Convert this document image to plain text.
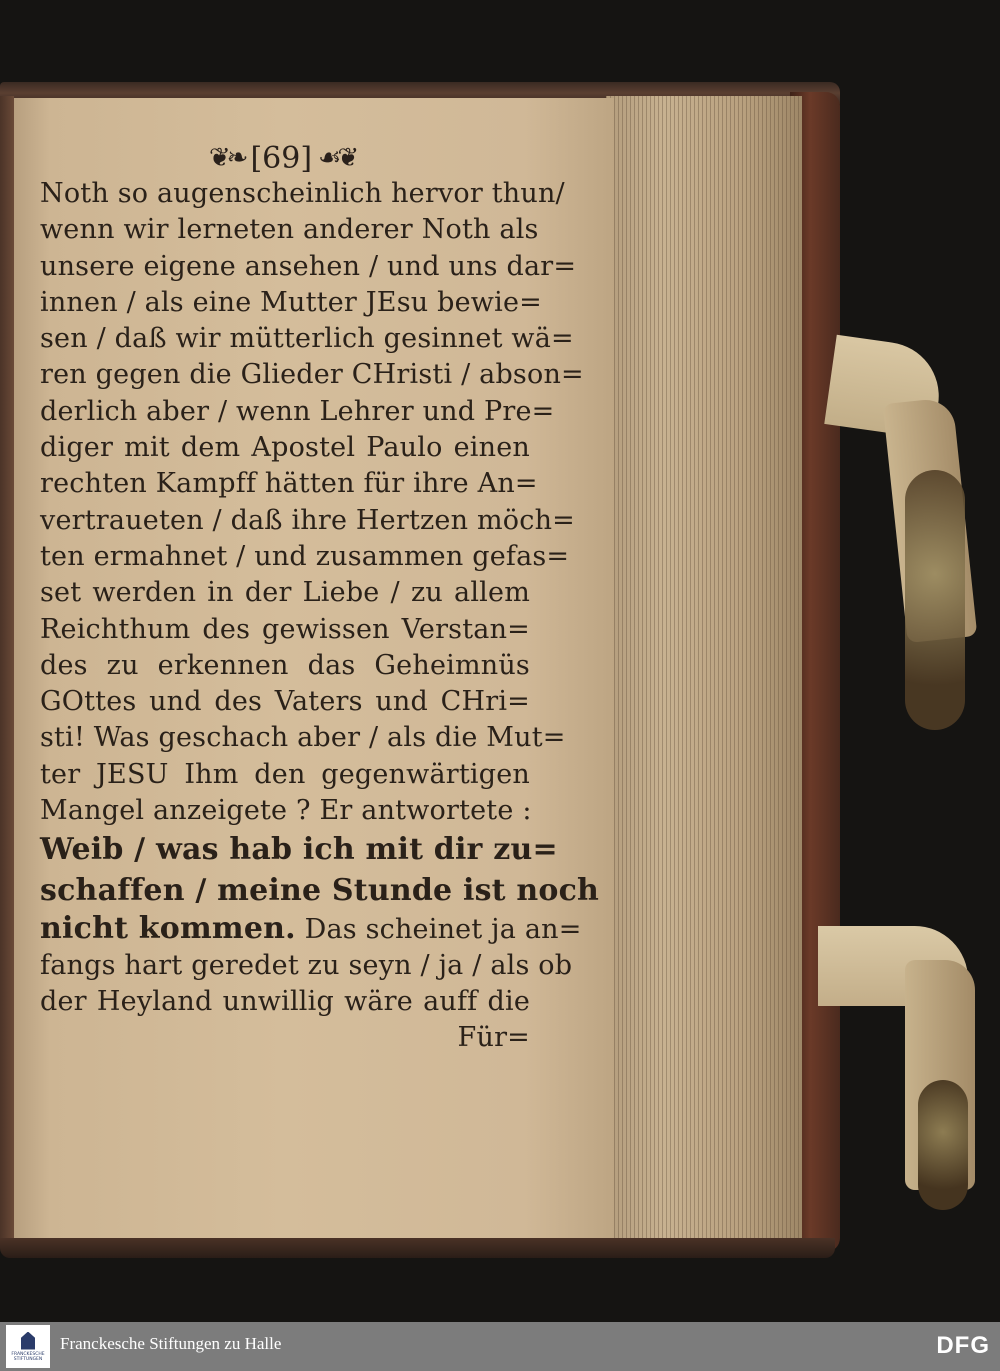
❦❧ [69] ☙❦
Noth so augenscheinlich hervor thun/
wenn wir lerneten anderer Noth als
unsere eigene ansehen / und uns dar=
innen / als eine Mutter JEsu bewie=
sen / daß wir mütterlich gesinnet wä=
ren gegen die Glieder CHristi / abson=
derlich aber / wenn Lehrer und Pre=
diger mit dem Apostel Paulo einen
rechten Kampff hätten für ihre An=
vertraueten / daß ihre Hertzen möch=
ten ermahnet / und zusammen gefas=
set werden in der Liebe / zu allem
Reichthum des gewissen Verstan=
des zu erkennen das Geheimnüs
GOttes und des Vaters und CHri=
sti! Was geschach aber / als die Mut=
ter JESU Ihm den gegenwärtigen
Mangel anzeigete ? Er antwortete :
Weib / was hab ich mit dir zu=
schaffen / meine Stunde ist noch
nicht kommen. Das scheinet ja an=
fangs hart geredet zu seyn / ja / als ob
der Heyland unwillig wäre auff die
Für=
FRANCKESCHE
STIFTUNGEN
Franckesche Stiftungen zu Halle	DFG
